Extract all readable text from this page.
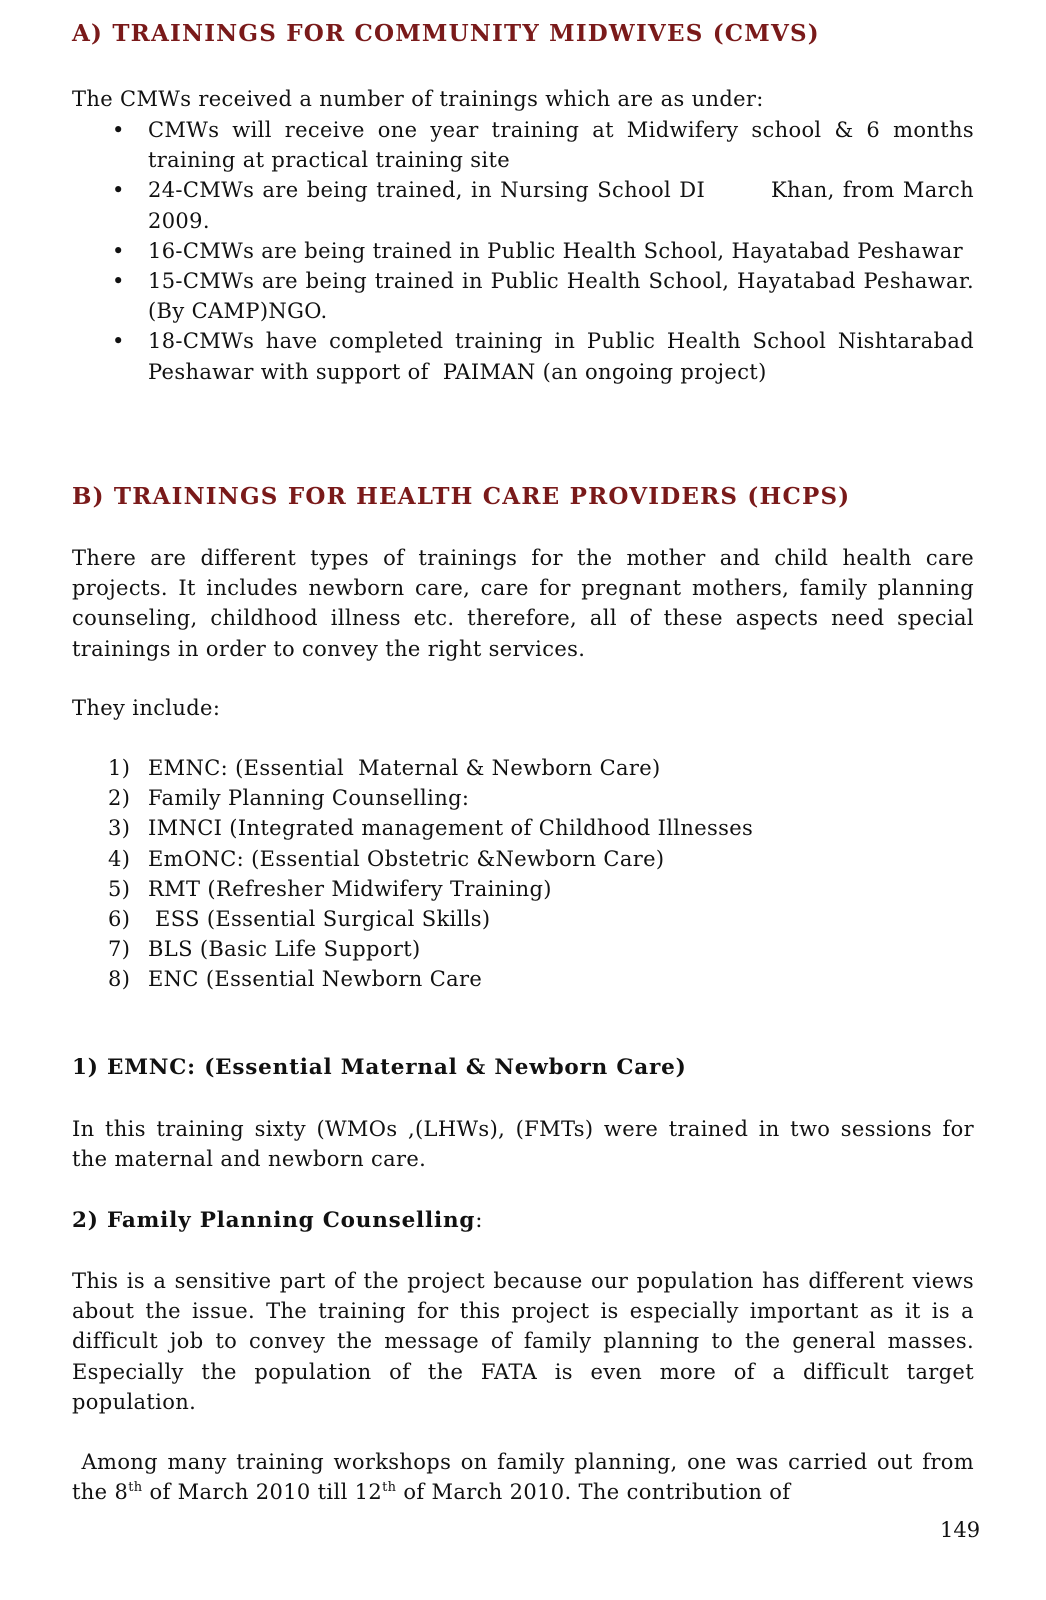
A) TRAININGS FOR COMMUNITY MIDWIVES (CMVS)

The CMWs received a number of trainings which are as under:

• CMWs will receive one year training at Midwifery school & 6 months training at practical training site
• 24-CMWs are being trained, in Nursing School DI        Khan, from March 2009.
• 16-CMWs are being trained in Public Health School, Hayatabad Peshawar
• 15-CMWs are being trained in Public Health School, Hayatabad Peshawar. (By CAMP)NGO.
• 18-CMWs have completed training in Public Health School Nishtarabad Peshawar with support of  PAIMAN (an ongoing project)
B) TRAININGS FOR HEALTH CARE PROVIDERS (HCPS)

There are different types of trainings for the mother and child health care projects. It includes newborn care, care for pregnant mothers, family planning counseling, childhood illness etc. therefore, all of these aspects need special trainings in order to convey the right services.

They include:

1) EMNC: (Essential  Maternal & Newborn Care)
2) Family Planning Counselling:
3) IMNCI (Integrated management of Childhood Illnesses
4) EmONC: (Essential Obstetric &Newborn Care)
5) RMT (Refresher Midwifery Training)
6) ESS (Essential Surgical Skills)
7) BLS (Basic Life Support)
8) ENC (Essential Newborn Care
1) EMNC: (Essential Maternal & Newborn Care)

In this training sixty (WMOs ,(LHWs), (FMTs) were trained in two sessions for the maternal and newborn care.

2) Family Planning Counselling:

This is a sensitive part of the project because our population has different views about the issue. The training for this project is especially important as it is a difficult job to convey the message of family planning to the general masses. Especially the population of the FATA is even more of a difficult target population.

Among many training workshops on family planning, one was carried out from the 8th of March 2010 till 12th of March 2010. The contribution of

149
